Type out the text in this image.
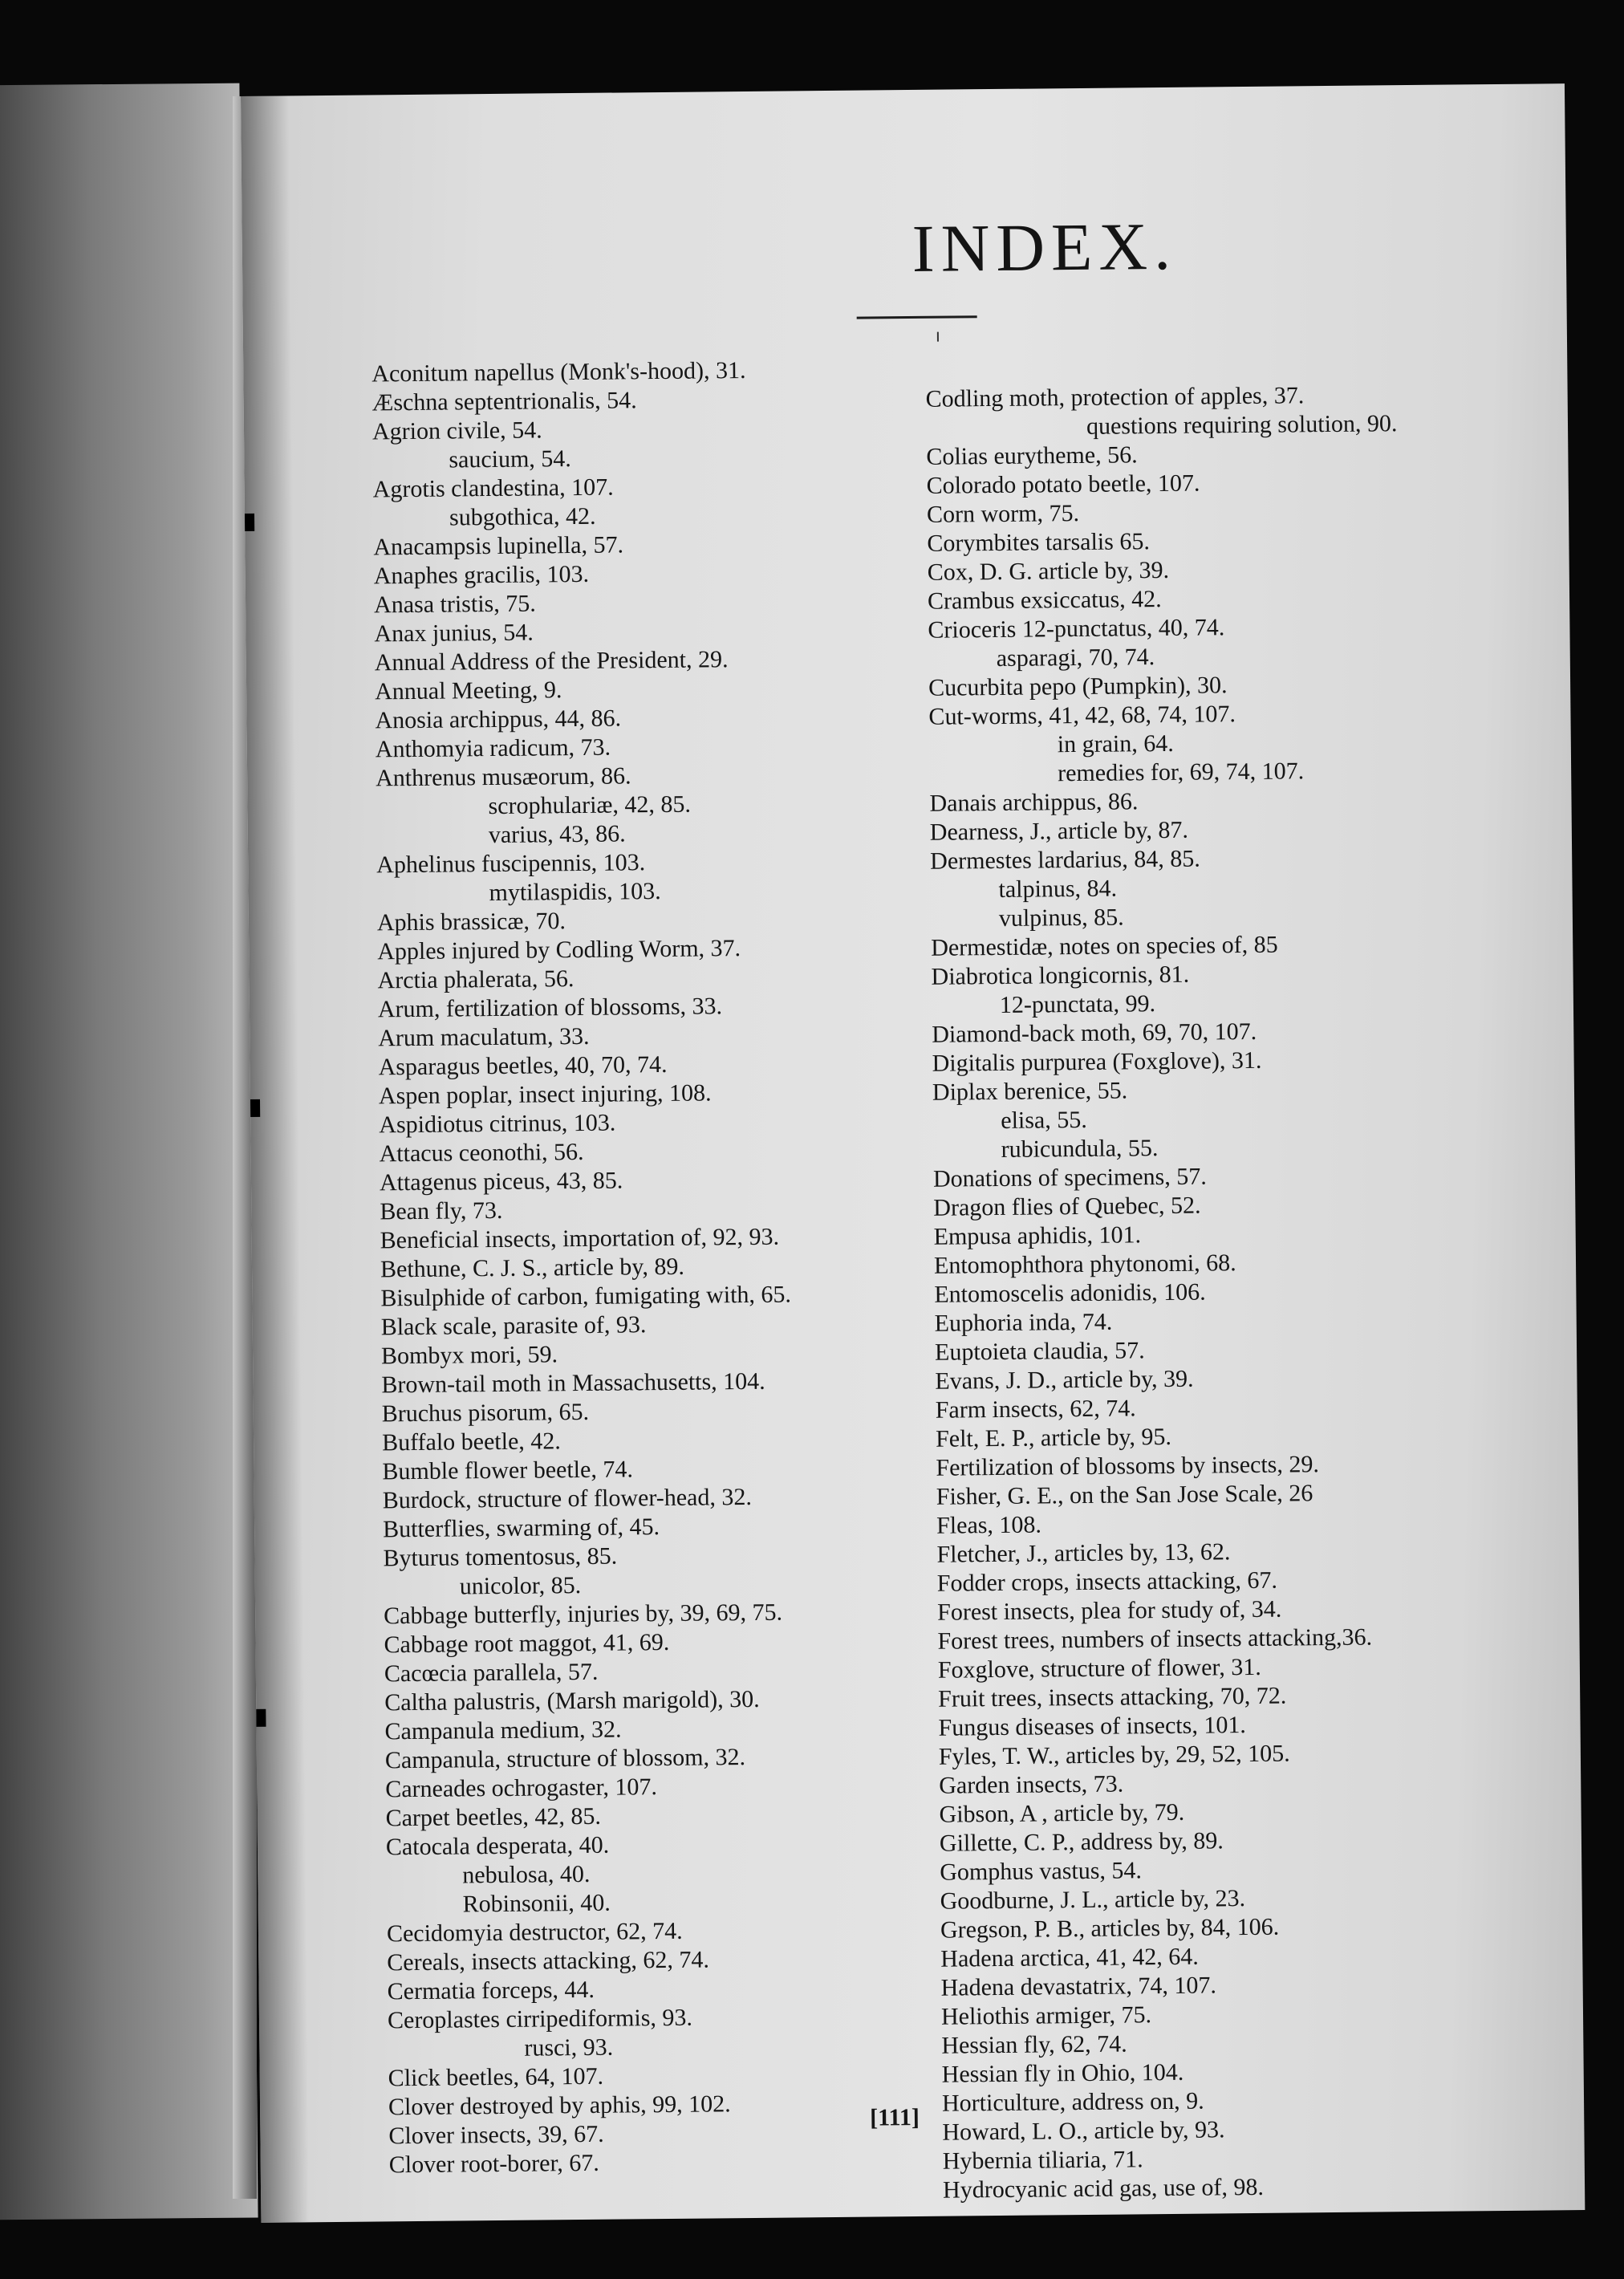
INDEX.
Aconitum napellus (Monk's-hood), 31.
Æschna septentrionalis, 54.
Agrion civile, 54.
saucium, 54.
Agrotis clandestina, 107.
subgothica, 42.
Anacampsis lupinella, 57.
Anaphes gracilis, 103.
Anasa tristis, 75.
Anax junius, 54.
Annual Address of the President, 29.
Annual Meeting, 9.
Anosia archippus, 44, 86.
Anthomyia radicum, 73.
Anthrenus musæorum, 86.
scrophulariæ, 42, 85.
varius, 43, 86.
Aphelinus fuscipennis, 103.
mytilaspidis, 103.
Aphis brassicæ, 70.
Apples injured by Codling Worm, 37.
Arctia phalerata, 56.
Arum, fertilization of blossoms, 33.
Arum maculatum, 33.
Asparagus beetles, 40, 70, 74.
Aspen poplar, insect injuring, 108.
Aspidiotus citrinus, 103.
Attacus ceonothi, 56.
Attagenus piceus, 43, 85.
Bean fly, 73.
Beneficial insects, importation of, 92, 93.
Bethune, C. J. S., article by, 89.
Bisulphide of carbon, fumigating with, 65.
Black scale, parasite of, 93.
Bombyx mori, 59.
Brown-tail moth in Massachusetts, 104.
Bruchus pisorum, 65.
Buffalo beetle, 42.
Bumble flower beetle, 74.
Burdock, structure of flower-head, 32.
Butterflies, swarming of, 45.
Byturus tomentosus, 85.
unicolor, 85.
Cabbage butterfly, injuries by, 39, 69, 75.
Cabbage root maggot, 41, 69.
Cacœcia parallela, 57.
Caltha palustris, (Marsh marigold), 30.
Campanula medium, 32.
Campanula, structure of blossom, 32.
Carneades ochrogaster, 107.
Carpet beetles, 42, 85.
Catocala desperata, 40.
nebulosa, 40.
Robinsonii, 40.
Cecidomyia destructor, 62, 74.
Cereals, insects attacking, 62, 74.
Cermatia forceps, 44.
Ceroplastes cirripediformis, 93.
rusci, 93.
Click beetles, 64, 107.
Clover destroyed by aphis, 99, 102.
Clover insects, 39, 67.
Clover root-borer, 67.
Codling moth, protection of apples, 37.
questions requiring solution, 90.
Colias eurytheme, 56.
Colorado potato beetle, 107.
Corn worm, 75.
Corymbites tarsalis 65.
Cox, D. G. article by, 39.
Crambus exsiccatus, 42.
Crioceris 12-punctatus, 40, 74.
asparagi, 70, 74.
Cucurbita pepo (Pumpkin), 30.
Cut-worms, 41, 42, 68, 74, 107.
in grain, 64.
remedies for, 69, 74, 107.
Danais archippus, 86.
Dearness, J., article by, 87.
Dermestes lardarius, 84, 85.
talpinus, 84.
vulpinus, 85.
Dermestidæ, notes on species of, 85
Diabrotica longicornis, 81.
12-punctata, 99.
Diamond-back moth, 69, 70, 107.
Digitalis purpurea (Foxglove), 31.
Diplax berenice, 55.
elisa, 55.
rubicundula, 55.
Donations of specimens, 57.
Dragon flies of Quebec, 52.
Empusa aphidis, 101.
Entomophthora phytonomi, 68.
Entomoscelis adonidis, 106.
Euphoria inda, 74.
Euptoieta claudia, 57.
Evans, J. D., article by, 39.
Farm insects, 62, 74.
Felt, E. P., article by, 95.
Fertilization of blossoms by insects, 29.
Fisher, G. E., on the San Jose Scale, 26
Fleas, 108.
Fletcher, J., articles by, 13, 62.
Fodder crops, insects attacking, 67.
Forest insects, plea for study of, 34.
Forest trees, numbers of insects attacking,36.
Foxglove, structure of flower, 31.
Fruit trees, insects attacking, 70, 72.
Fungus diseases of insects, 101.
Fyles, T. W., articles by, 29, 52, 105.
Garden insects, 73.
Gibson, A , article by, 79.
Gillette, C. P., address by, 89.
Gomphus vastus, 54.
Goodburne, J. L., article by, 23.
Gregson, P. B., articles by, 84, 106.
Hadena arctica, 41, 42, 64.
Hadena devastatrix, 74, 107.
Heliothis armiger, 75.
Hessian fly, 62, 74.
Hessian fly in Ohio, 104.
Horticulture, address on, 9.
Howard, L. O., article by, 93.
Hybernia tiliaria, 71.
Hydrocyanic acid gas, use of, 98.
[111]
